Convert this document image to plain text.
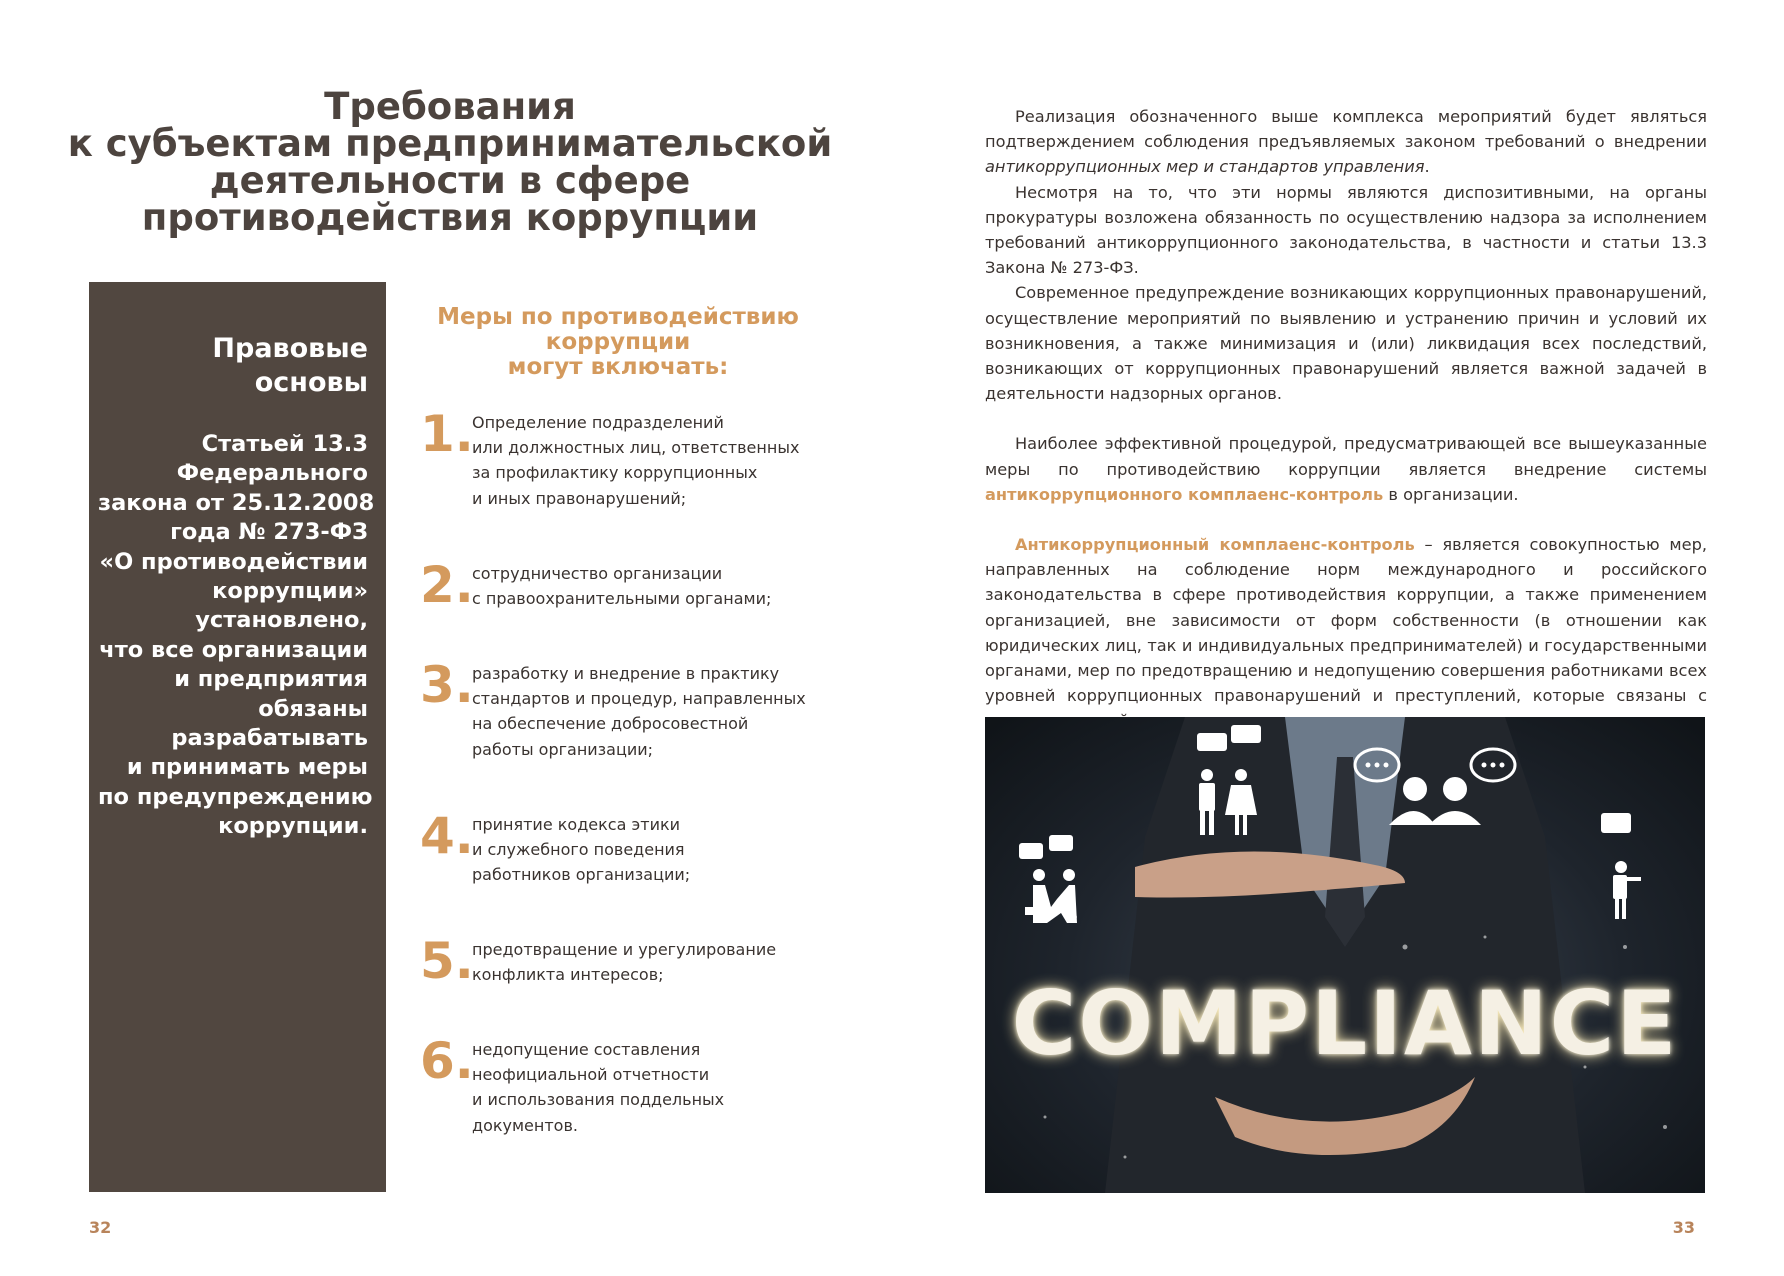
Требования
к субъектам предпринимательской
деятельности в сфере
противодействия коррупции
Правовые
основы

Статьей 13.3
Федерального
закона от 25.12.2008
года № 273-ФЗ
«О противодействии
коррупции»
установлено,
что все организации
и предприятия
обязаны
разрабатывать
и принимать меры
по предупреждению
коррупции.

Меры по противодействию
коррупции
могут включать:
1.

Определение подразделений
или должностных лиц, ответственных
за профилактику коррупционных
и иных правонарушений;

2.

сотрудничество организации
с правоохранительными органами;

3.

разработку и внедрение в практику
стандартов и процедур, направленных
на обеспечение добросовестной
работы организации;

4.

принятие кодекса этики
и служебного поведения
работников организации;

5.

предотвращение и урегулирование
конфликта интересов;

6.

недопущение составления
неофициальной отчетности
и использования поддельных
документов.

32

Реализация обозначенного выше комплекса мероприятий будет являться подтверждением соблюдения предъявляемых законом требований о внедрении антикоррупционных мер и стандартов управления.

Несмотря на то, что эти нормы являются диспозитивными, на органы прокуратуры возложена обязанность по осуществлению надзора за исполнением требований антикоррупционного законодательства, в частности и статьи 13.3 Закона № 273-ФЗ.

Современное предупреждение возникающих коррупционных правонарушений, осуществление мероприятий по выявлению и устранению причин и условий их возникновения, а также минимизация и (или) ликвидация всех последствий, возникающих от коррупционных правонарушений является важной задачей в деятельности надзорных органов.

Наиболее эффективной процедурой, предусматривающей все вышеуказанные меры по противодействию коррупции является внедрение системы антикоррупционного комплаенс-контроль в организации.

Антикоррупционный комплаенс-контроль – является совокупностью мер, направленных на соблюдение норм международного и российского законодательства в сфере противодействия коррупции, а также применением организацией, вне зависимости от форм собственности (в отношении как юридических лиц, так и индивидуальных предпринимателей) и государственными органами, мер по предотвращению и недопущению совершения работниками всех уровней коррупционных правонарушений и преступлений, которые связаны с

COMPLIANCE
33
